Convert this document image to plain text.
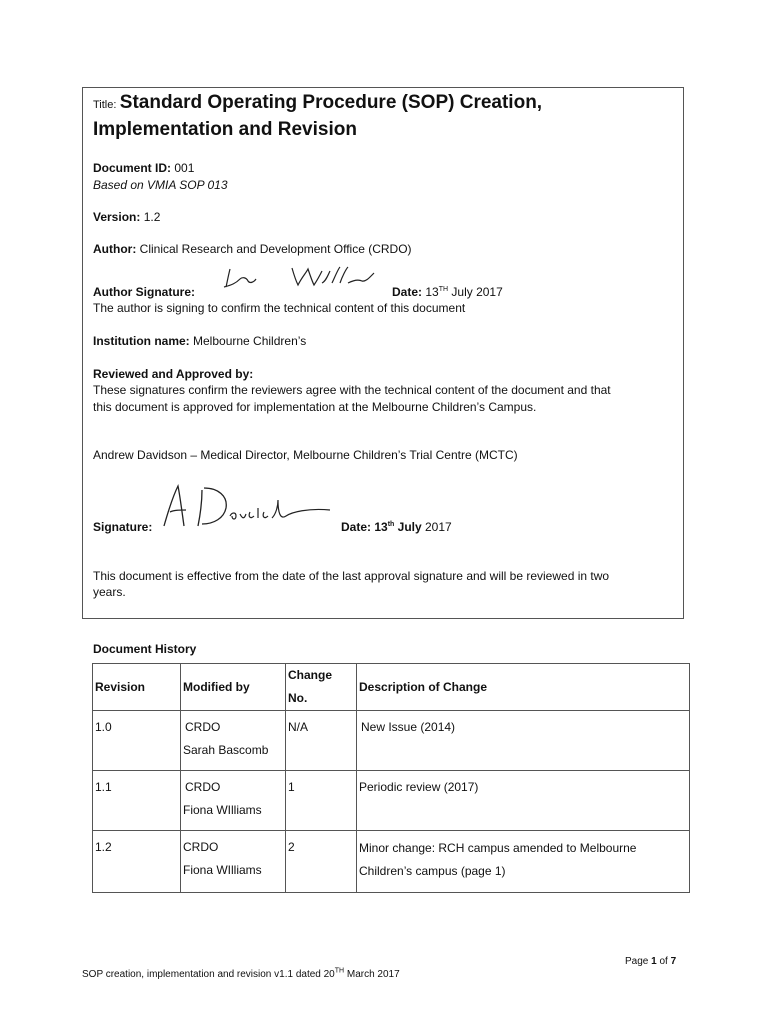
Title: Standard Operating Procedure (SOP) Creation,
Implementation and Revision
Document ID: 001
Based on VMIA SOP 013
Version: 1.2
Author: Clinical Research and Development Office (CRDO)
Author Signature:	Date: 13TH July 2017
The author is signing to confirm the technical content of this document
Institution name: Melbourne Children’s
Reviewed and Approved by:
These signatures confirm the reviewers agree with the technical content of the document and that
this document is approved for implementation at the Melbourne Children’s Campus.
Andrew Davidson – Medical Director, Melbourne Children’s Trial Centre (MCTC)
Signature:	Date: 13th July 2017
This document is effective from the date of the last approval signature and will be reviewed in two
years.
Document History
Revision	Modified by	Change No.	Description of Change
1.0	CRDO
Sarah Bascomb	N/A	New Issue (2014)
1.1	CRDO
Fiona WIlliams	1	Periodic review (2017)
1.2	CRDO
Fiona WIlliams	2	Minor change: RCH campus amended to Melbourne Children’s campus (page 1)
Page 1 of 7
SOP creation, implementation and revision v1.1 dated 20TH March 2017
